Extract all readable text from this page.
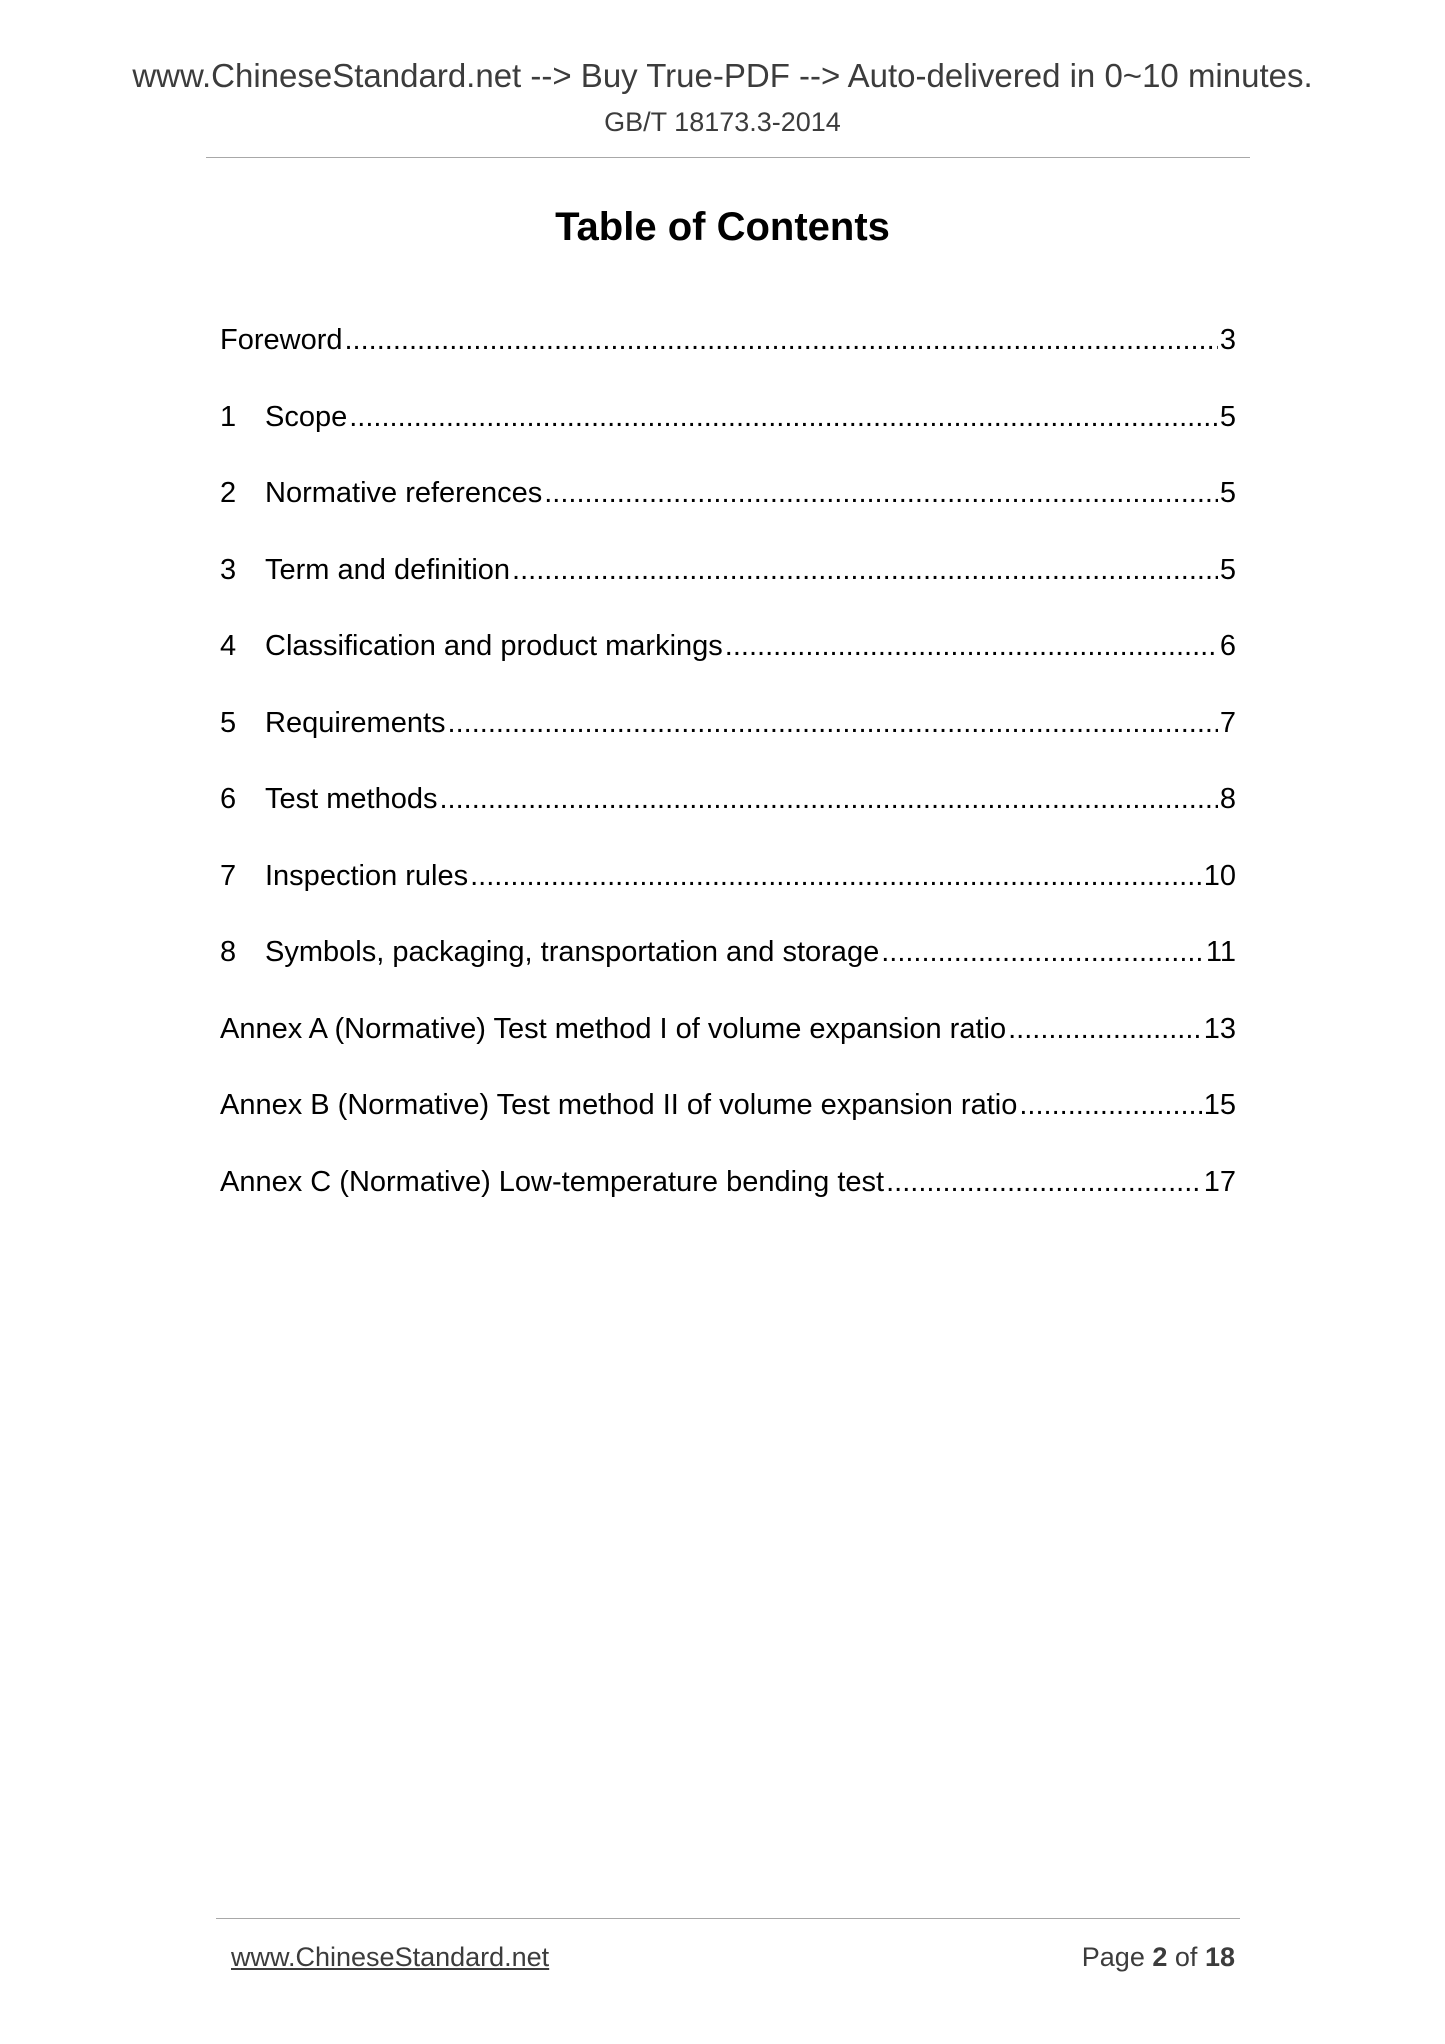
www.ChineseStandard.net --> Buy True-PDF --> Auto-delivered in 0~10 minutes.
GB/T 18173.3-2014
Table of Contents
Foreword .....	3
1 Scope .....	5
2 Normative references .....	5
3 Term and definition .....	5
4 Classification and product markings .....	6
5 Requirements .....	7
6 Test methods .....	8
7 Inspection rules .....	10
8 Symbols, packaging, transportation and storage .....	11
Annex A (Normative) Test method I of volume expansion ratio .....	13
Annex B (Normative) Test method II of volume expansion ratio .....	15
Annex C (Normative) Low-temperature bending test .....	17
www.ChineseStandard.net	Page 2 of 18
